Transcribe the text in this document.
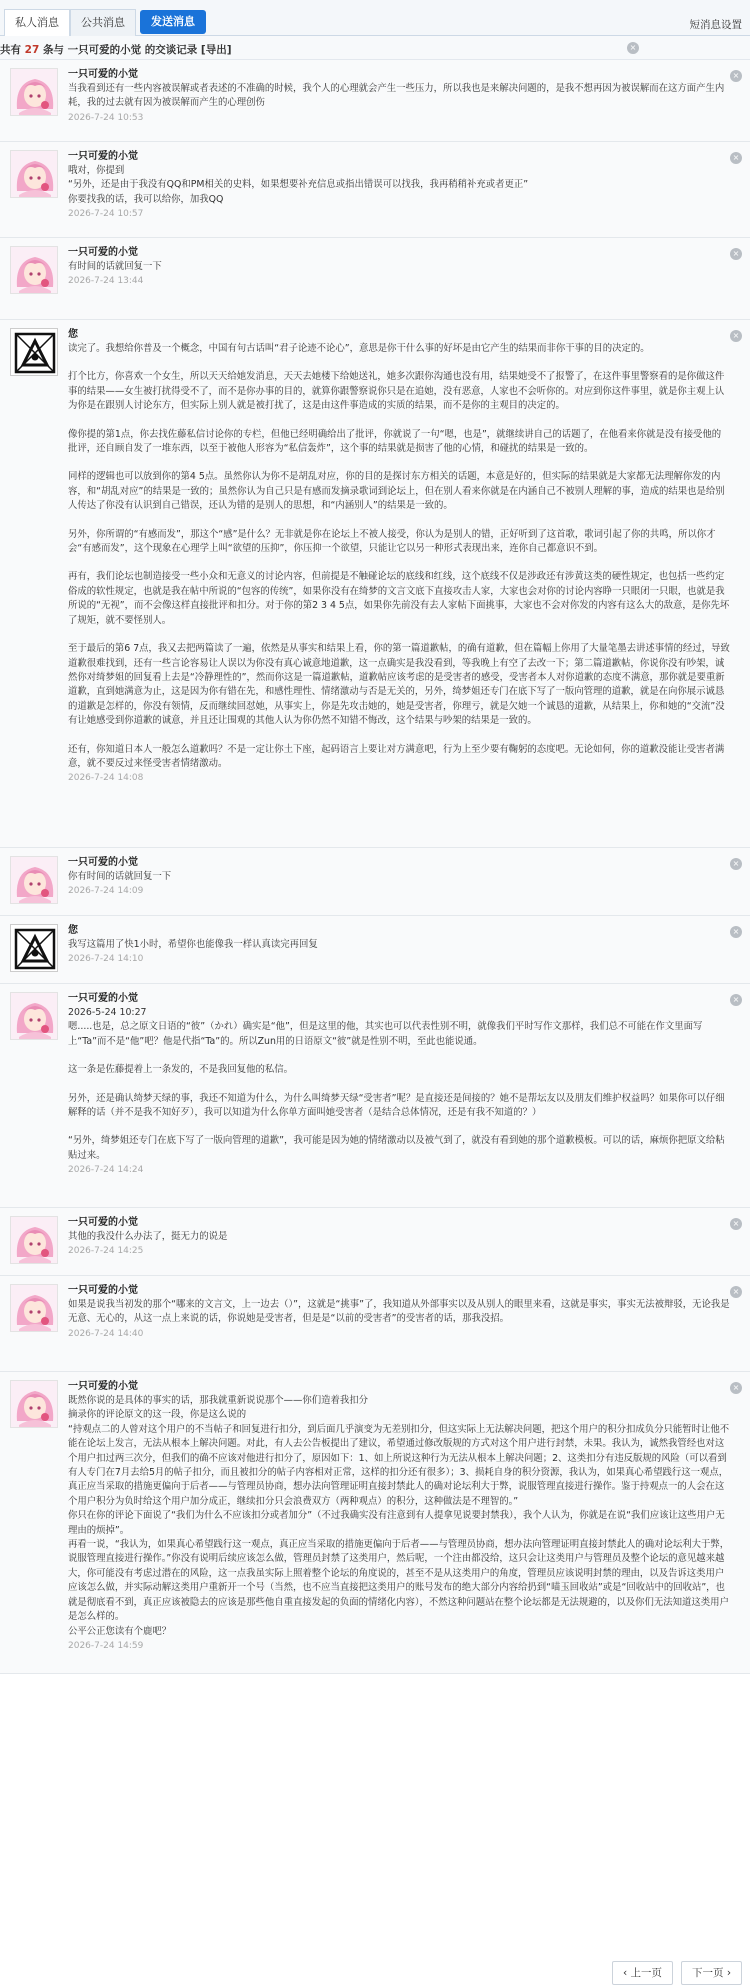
私人消息	公共消息	发送消息	短消息设置
共有 27 条与 一只可爱的小觉 的交谈记录 [导出]	×
一只可爱的小觉

当我看到还有一些内容被误解或者表述的不准确的时候，我个人的心理就会产生一些压力，所以我也是来解决问题的，是我不想再因为被误解而在这方面产生内耗，我的过去就有因为被误解而产生的心理创伤

2026-7-24 10:53
×
一只可爱的小觉

哦对，你提到

“另外，还是由于我没有QQ和PM相关的史料，如果想要补充信息或指出错误可以找我，我再稍稍补充或者更正”

你要找我的话，我可以给你，加我QQ

2026-7-24 10:57
×
一只可爱的小觉

有时间的话就回复一下

2026-7-24 13:44
×
您

读完了。我想给你普及一个概念，中国有句古话叫“君子论迹不论心”，意思是你干什么事的好坏是由它产生的结果而非你干事的目的决定的。

打个比方，你喜欢一个女生，所以天天给她发消息，天天去她楼下给她送礼，她多次跟你沟通也没有用，结果她受不了报警了，在这件事里警察看的是你做这件事的结果——女生被打扰得受不了，而不是你办事的目的，就算你跟警察说你只是在追她，没有恶意，人家也不会听你的。对应到你这件事里，就是你主观上认为你是在跟别人讨论东方，但实际上别人就是被打扰了，这是由这件事造成的实质的结果，而不是你的主观目的决定的。

像你提的第1点，你去找佐藤私信讨论你的专栏，但他已经明确给出了批评，你就说了一句“嗯，也是”，就继续讲自己的话题了，在他看来你就是没有接受他的批评，还自顾自发了一堆东西，以至于被他人形容为“私信轰炸”，这个事的结果就是损害了他的心情，和碰扰的结果是一致的。

同样的逻辑也可以放到你的第4 5点。虽然你认为你不是胡乱对应，你的目的是探讨东方相关的话题，本意是好的，但实际的结果就是大家都无法理解你发的内容，和“胡乱对应”的结果是一致的；虽然你认为自己只是有感而发摘录歌词到论坛上，但在别人看来你就是在内涵自己不被别人理解的事，造成的结果也是给别人传达了你没有认识到自己错误，还认为错的是别人的思想，和“内涵别人”的结果是一致的。

另外，你所谓的“有感而发”，那这个“感”是什么？无非就是你在论坛上不被人接受，你认为是别人的错，正好听到了这首歌，歌词引起了你的共鸣，所以你才会“有感而发”，这个现象在心理学上叫“欲望的压抑”，你压抑一个欲望，只能让它以另一种形式表现出来，连你自己都意识不到。

再有，我们论坛也制造接受一些小众和无意义的讨论内容，但前提是不触碰论坛的底线和红线，这个底线不仅是涉政还有涉黄这类的硬性规定，也包括一些约定俗成的软性规定，也就是我在帖中所说的“包容的传统”，如果你没有在绮梦的文言文底下直接攻击人家，大家也会对你的讨论内容睁一只眼闭一只眼，也就是我所说的“无视”，而不会像这样直接批评和扣分。对于你的第2 3 4 5点，如果你先前没有去人家帖下面挑事，大家也不会对你发的内容有这么大的敌意，是你先坏了规矩，就不要怪别人。

至于最后的第6 7点，我又去把两篇读了一遍，依然是从事实和结果上看，你的第一篇道歉帖，的确有道歉，但在篇幅上你用了大量笔墨去讲述事情的经过，导致道歉很难找到，还有一些言论容易让人误以为你没有真心诚意地道歉，这一点确实是我没看到，等我晚上有空了去改一下；第二篇道歉帖，你说你没有吵架，诚然你对绮梦姐的回复看上去是“冷静理性的”，然而你这是一篇道歉帖，道歉帖应该考虑的是受害者的感受，受害者本人对你道歉的态度不满意，那你就是要重新道歉，直到她满意为止，这是因为你有错在先，和感性理性、情绪激动与否是无关的，另外，绮梦姐还专门在底下写了一版向管理的道歉，就是在向你展示诚恳的道歉是怎样的，你没有领情，反而继续回怼她，从事实上，你是先攻击她的，她是受害者，你理亏，就是欠她一个诚恳的道歉，从结果上，你和她的“交流”没有让她感受到你道歉的诚意，并且还让围观的其他人认为你仍然不知错不悔改，这个结果与吵架的结果是一致的。

还有，你知道日本人一般怎么道歉吗？不是一定让你土下座，起码语言上要让对方满意吧，行为上至少要有鞠躬的态度吧。无论如何，你的道歉没能让受害者满意，就不要反过来怪受害者情绪激动。

2026-7-24 14:08
×
一只可爱的小觉

你有时间的话就回复一下

2026-7-24 14:09
×
您

我写这篇用了快1小时，希望你也能像我一样认真读完再回复

2026-7-24 14:10
×
一只可爱的小觉

2026-5-24 10:27

嗯.....也是，总之原文日语的“彼”（かれ）确实是“他”，但是这里的他，其实也可以代表性别不明，就像我们平时写作文那样，我们总不可能在作文里面写上“Ta”而不是“他”吧？他是代指“Ta”的。所以Zun用的日语原文“彼”就是性别不明，至此也能说通。

这一条是佐藤提着上一条发的，不是我回复他的私信。

另外，还是确认绮梦天绿的事，我还不知道为什么，为什么叫绮梦天绿“受害者”呢？是直接还是间接的？她不是帮坛友以及朋友们维护权益吗？如果你可以仔细解释的话（并不是我不知好歹），我可以知道为什么你单方面叫她受害者（是结合总体情况，还是有我不知道的？）

“另外，绮梦姐还专门在底下写了一版向管理的道歉”，我可能是因为她的情绪激动以及被气到了，就没有看到她的那个道歉模板。可以的话，麻烦你把原文给粘贴过来。

2026-7-24 14:24
×
一只可爱的小觉

其他的我没什么办法了，挺无力的说是

2026-7-24 14:25
×
一只可爱的小觉

如果是说我当初发的那个“哪来的文言文，上一边去（）”，这就是“挑事”了，我知道从外部事实以及从别人的眼里来看，这就是事实，事实无法被辩驳，无论我是无意、无心的，从这一点上来说的话，你说她是受害者，但是是“以前的受害者”的受害者的话，那我没招。

2026-7-24 14:40
×
一只可爱的小觉

既然你说的是具体的事实的话，那我就重新说说那个——你们造着我扣分

摘录你的评论原文的这一段，你是这么说的

“持观点二的人曾对这个用户的不当帖子和回复进行扣分，到后面几乎演变为无差别扣分，但这实际上无法解决问题，把这个用户的积分扣成负分只能暂时让他不能在论坛上发言，无法从根本上解决问题。对此，有人去公告板提出了建议，希望通过修改版规的方式对这个用户进行封禁，未果。我认为，诚然我管经也对这个用户扣过两三次分，但我们的确不应该对他进行扣分了，原因如下：1、如上所说这种行为无法从根本上解决问题；2、这类扣分有违反版规的风险（可以看到有人专门在7月去给5月的帖子扣分，而且被扣分的帖子内容相对正常，这样的扣分还有很多）；3、损耗自身的积分资源，我认为，如果真心希望践行这一观点，真正应当采取的措施更偏向于后者——与管理员协商，想办法向管理证明直接封禁此人的确对论坛利大于弊，说服管理直接进行操作。鉴于持观点一的人会在这个用户积分为负时给这个用户加分成正，继续扣分只会浪费双方（两种观点）的积分，这种做法是不理智的。”

你只在你的评论下面说了“我们为什么不应该扣分或者加分”（不过我确实没有注意到有人提拿见说要封禁我），我个人认为，你就是在说“我们应该让这些用户无理由的烦掉”。

再看一说，“我认为，如果真心希望践行这一观点，真正应当采取的措施更偏向于后者——与管理员协商，想办法向管理证明直接封禁此人的确对论坛利大于弊，说服管理直接进行操作。”你没有说明后续应该怎么做，管理员封禁了这类用户，然后呢，一个注由都没给，这只会让这类用户与管理员及整个论坛的意见越来越大，你可能没有考虑过潜在的风险，这一点我虽实际上照着整个论坛的角度说的，甚至不是从这类用户的角度，管理员应该说明封禁的理由，以及告诉这类用户应该怎么做，并实际动解这类用户重新开一个号（当然，也不应当直接把这类用户的账号发布的绝大部分内容给扔到“喵玉回收站”或是“回收站中的回收站”，也就是彻底看不到，真正应该被隐去的应该是那些他自重直接发起的负面的情绪化内容），不然这种问题站在整个论坛都是无法规避的，以及你们无法知道这类用户是怎么样的。

公平公正您读有个鹿吧？

2026-7-24 14:59
×
‹ 上一页	下一页 ›
